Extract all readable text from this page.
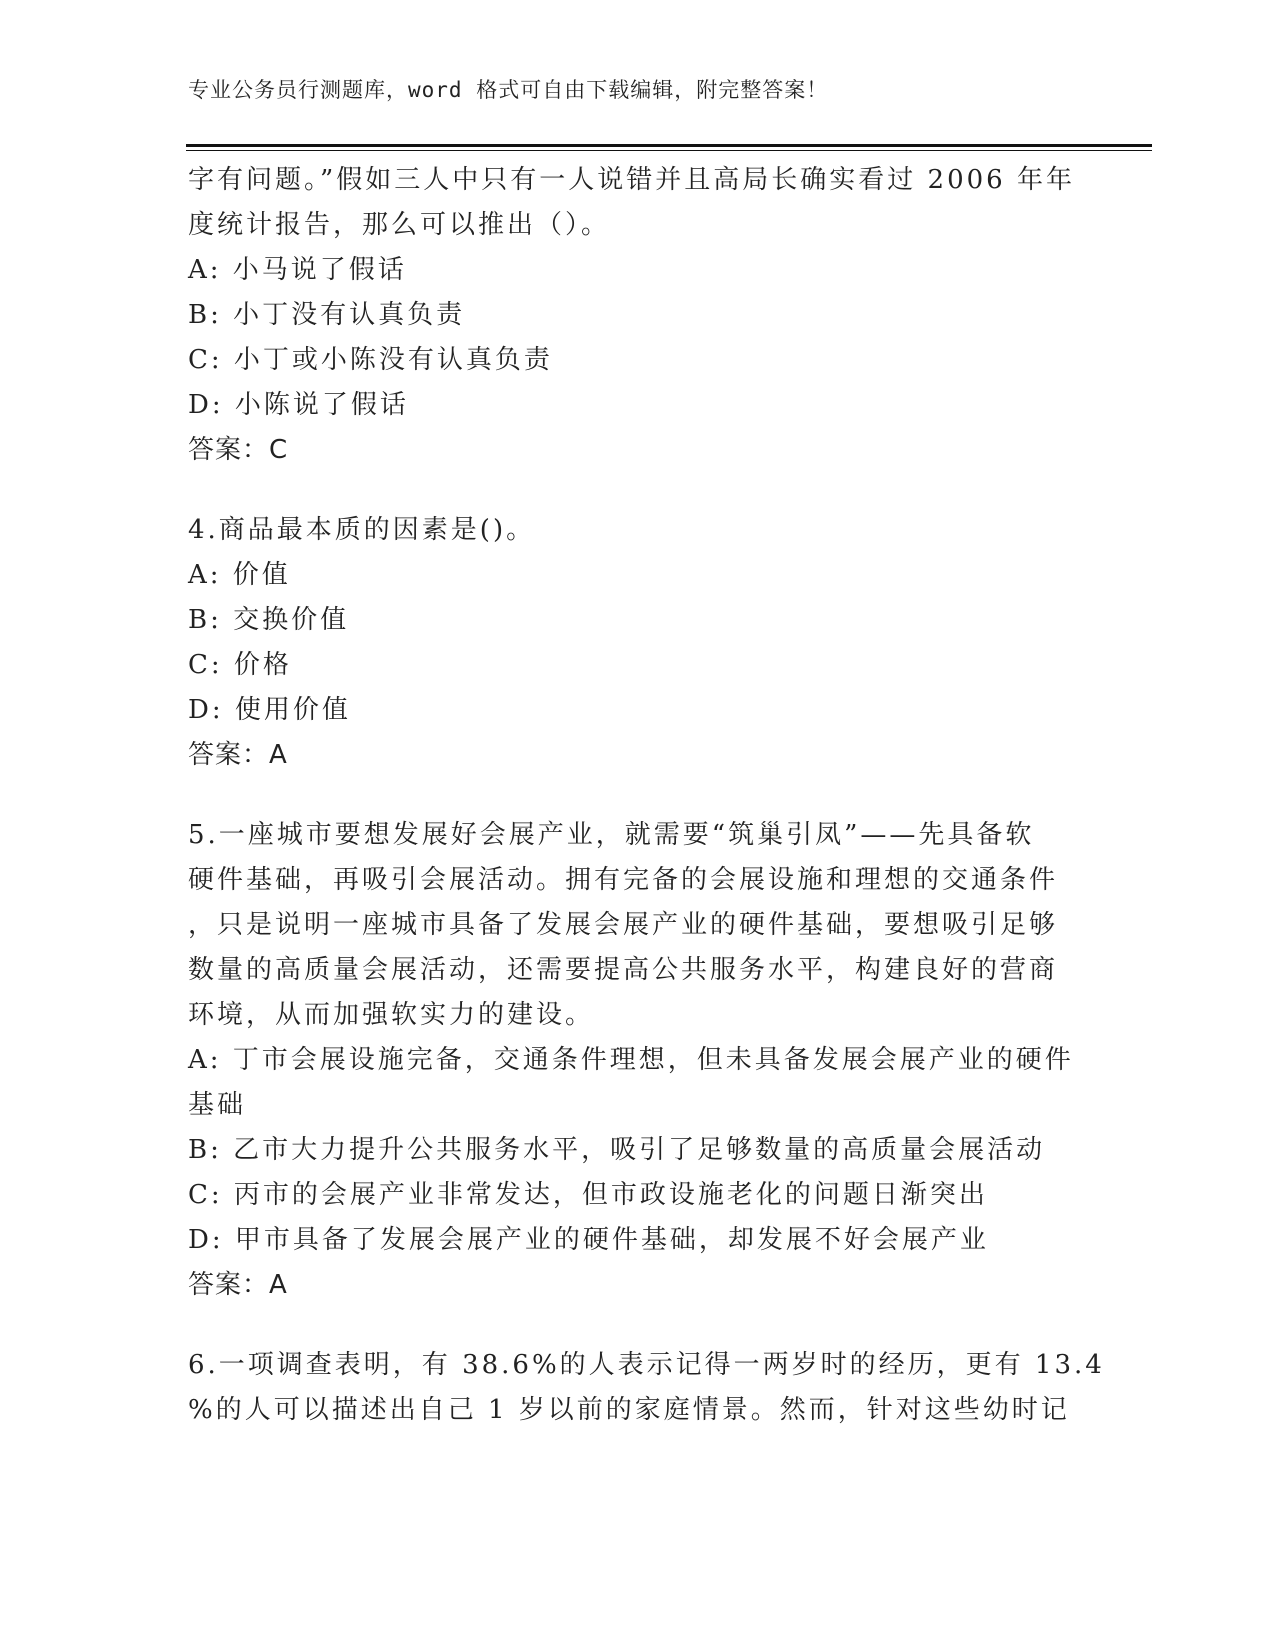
专业公务员行测题库，word 格式可自由下载编辑，附完整答案！
字有问题。”假如三人中只有一人说错并且高局长确实看过 2006 年年
度统计报告，那么可以推出（）。
A: 小马说了假话
B: 小丁没有认真负责
C: 小丁或小陈没有认真负责
D: 小陈说了假话
答案：C
4.商品最本质的因素是()。
A: 价值
B: 交换价值
C: 价格
D: 使用价值
答案：A
5.一座城市要想发展好会展产业，就需要“筑巢引凤”——先具备软
硬件基础，再吸引会展活动。拥有完备的会展设施和理想的交通条件
，只是说明一座城市具备了发展会展产业的硬件基础，要想吸引足够
数量的高质量会展活动，还需要提高公共服务水平，构建良好的营商
环境，从而加强软实力的建设。
A: 丁市会展设施完备，交通条件理想，但未具备发展会展产业的硬件
基础
B: 乙市大力提升公共服务水平，吸引了足够数量的高质量会展活动
C: 丙市的会展产业非常发达，但市政设施老化的问题日渐突出
D: 甲市具备了发展会展产业的硬件基础，却发展不好会展产业
答案：A
6.一项调查表明，有 38.6%的人表示记得一两岁时的经历，更有 13.4
%的人可以描述出自己 1 岁以前的家庭情景。然而，针对这些幼时记
